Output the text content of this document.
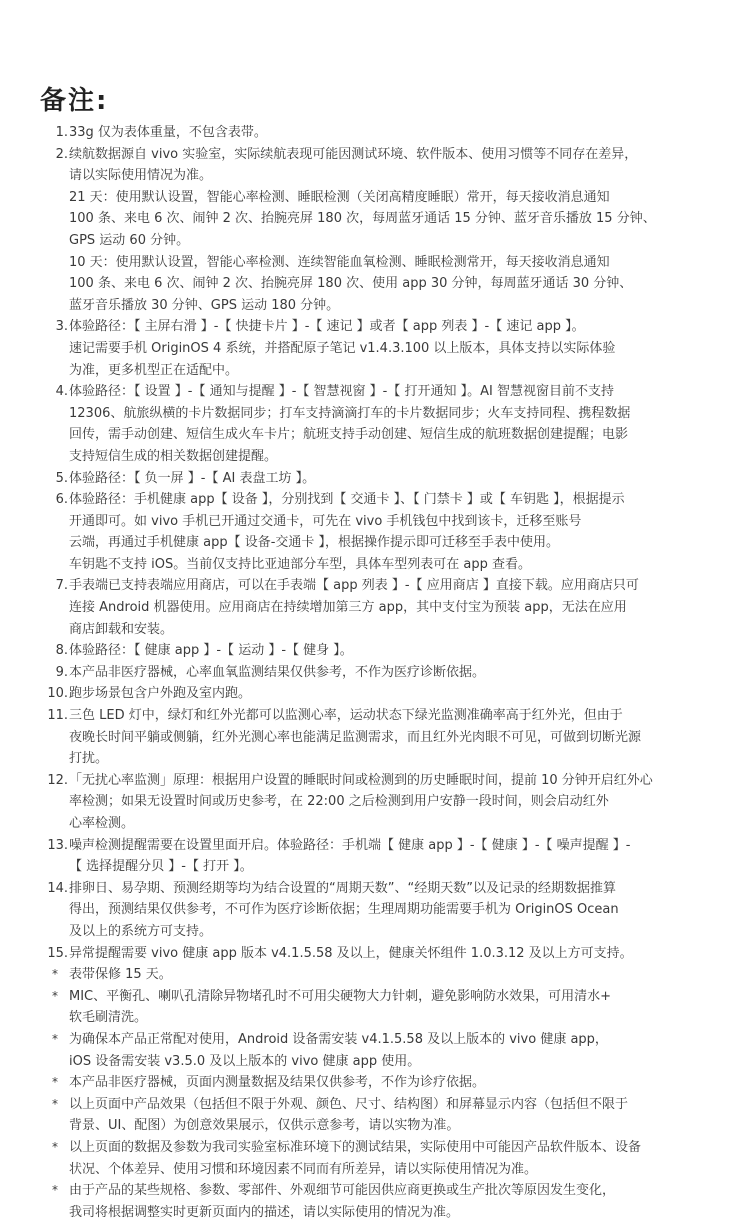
备注:
1. 33g 仅为表体重量，不包含表带。
2. 续航数据源自 vivo 实验室，实际续航表现可能因测试环境、软件版本、使用习惯等不同存在差异，
请以实际使用情况为准。
21 天：使用默认设置，智能心率检测、睡眠检测（关闭高精度睡眠）常开，每天接收消息通知
100 条、来电 6 次、闹钟 2 次、抬腕亮屏 180 次，每周蓝牙通话 15 分钟、蓝牙音乐播放 15 分钟、
GPS 运动 60 分钟。
10 天：使用默认设置，智能心率检测、连续智能血氧检测、睡眠检测常开，每天接收消息通知
100 条、来电 6 次、闹钟 2 次、抬腕亮屏 180 次、使用 app 30 分钟，每周蓝牙通话 30 分钟、
蓝牙音乐播放 30 分钟、GPS 运动 180 分钟。
3. 体验路径：【 主屏右滑 】-【 快捷卡片 】-【 速记 】或者【 app 列表 】-【 速记 app 】。
速记需要手机 OriginOS 4 系统，并搭配原子笔记 v1.4.3.100 以上版本，具体支持以实际体验
为准，更多机型正在适配中。
4. 体验路径：【 设置 】-【 通知与提醒 】-【 智慧视窗 】-【 打开通知 】。AI 智慧视窗目前不支持
12306、航旅纵横的卡片数据同步；打车支持滴滴打车的卡片数据同步；火车支持同程、携程数据
回传，需手动创建、短信生成火车卡片；航班支持手动创建、短信生成的航班数据创建提醒；电影
支持短信生成的相关数据创建提醒。
5. 体验路径：【 负一屏 】-【 AI 表盘工坊 】。
6. 体验路径：手机健康 app【 设备 】，分别找到【 交通卡 】、【 门禁卡 】或【 车钥匙 】，根据提示
开通即可。如 vivo 手机已开通过交通卡，可先在 vivo 手机钱包中找到该卡，迁移至账号
云端，再通过手机健康 app【 设备-交通卡 】，根据操作提示即可迁移至手表中使用。
车钥匙不支持 iOS。当前仅支持比亚迪部分车型，具体车型列表可在 app 查看。
7. 手表端已支持表端应用商店，可以在手表端【 app 列表 】-【 应用商店 】直接下载。应用商店只可
连接 Android 机器使用。应用商店在持续增加第三方 app，其中支付宝为预装 app，无法在应用
商店卸载和安装。
8. 体验路径：【 健康 app 】-【 运动 】-【 健身 】。
9. 本产品非医疗器械，心率血氧监测结果仅供参考，不作为医疗诊断依据。
10. 跑步场景包含户外跑及室内跑。
11. 三色 LED 灯中，绿灯和红外光都可以监测心率，运动状态下绿光监测准确率高于红外光，但由于
夜晚长时间平躺或侧躺，红外光测心率也能满足监测需求，而且红外光肉眼不可见，可做到切断光源
打扰。
12. 「无扰心率监测」原理：根据用户设置的睡眠时间或检测到的历史睡眠时间，提前 10 分钟开启红外心
率检测；如果无设置时间或历史参考，在 22:00 之后检测到用户安静一段时间，则会启动红外
心率检测。
13. 噪声检测提醒需要在设置里面开启。体验路径：手机端【 健康 app 】-【 健康 】-【 噪声提醒 】-
【 选择提醒分贝 】-【 打开 】。
14. 排卵日、易孕期、预测经期等均为结合设置的“周期天数”、“经期天数”以及记录的经期数据推算
得出，预测结果仅供参考，不可作为医疗诊断依据；生理周期功能需要手机为 OriginOS Ocean
及以上的系统方可支持。
15. 异常提醒需要 vivo 健康 app 版本 v4.1.5.58 及以上，健康关怀组件 1.0.3.12 及以上方可支持。
* 表带保修 15 天。
* MIC、平衡孔、喇叭孔清除异物堵孔时不可用尖硬物大力针刺，避免影响防水效果，可用清水+
软毛刷清洗。
* 为确保本产品正常配对使用，Android 设备需安装 v4.1.5.58 及以上版本的 vivo 健康 app，
iOS 设备需安装 v3.5.0 及以上版本的 vivo 健康 app 使用。
* 本产品非医疗器械，页面内测量数据及结果仅供参考，不作为诊疗依据。
* 以上页面中产品效果（包括但不限于外观、颜色、尺寸、结构图）和屏幕显示内容（包括但不限于
背景、UI、配图）为创意效果展示，仅供示意参考，请以实物为准。
* 以上页面的数据及参数为我司实验室标准环境下的测试结果，实际使用中可能因产品软件版本、设备
状况、个体差异、使用习惯和环境因素不同而有所差异，请以实际使用情况为准。
* 由于产品的某些规格、参数、零部件、外观细节可能因供应商更换或生产批次等原因发生变化，
我司将根据调整实时更新页面内的描述，请以实际使用的情况为准。
